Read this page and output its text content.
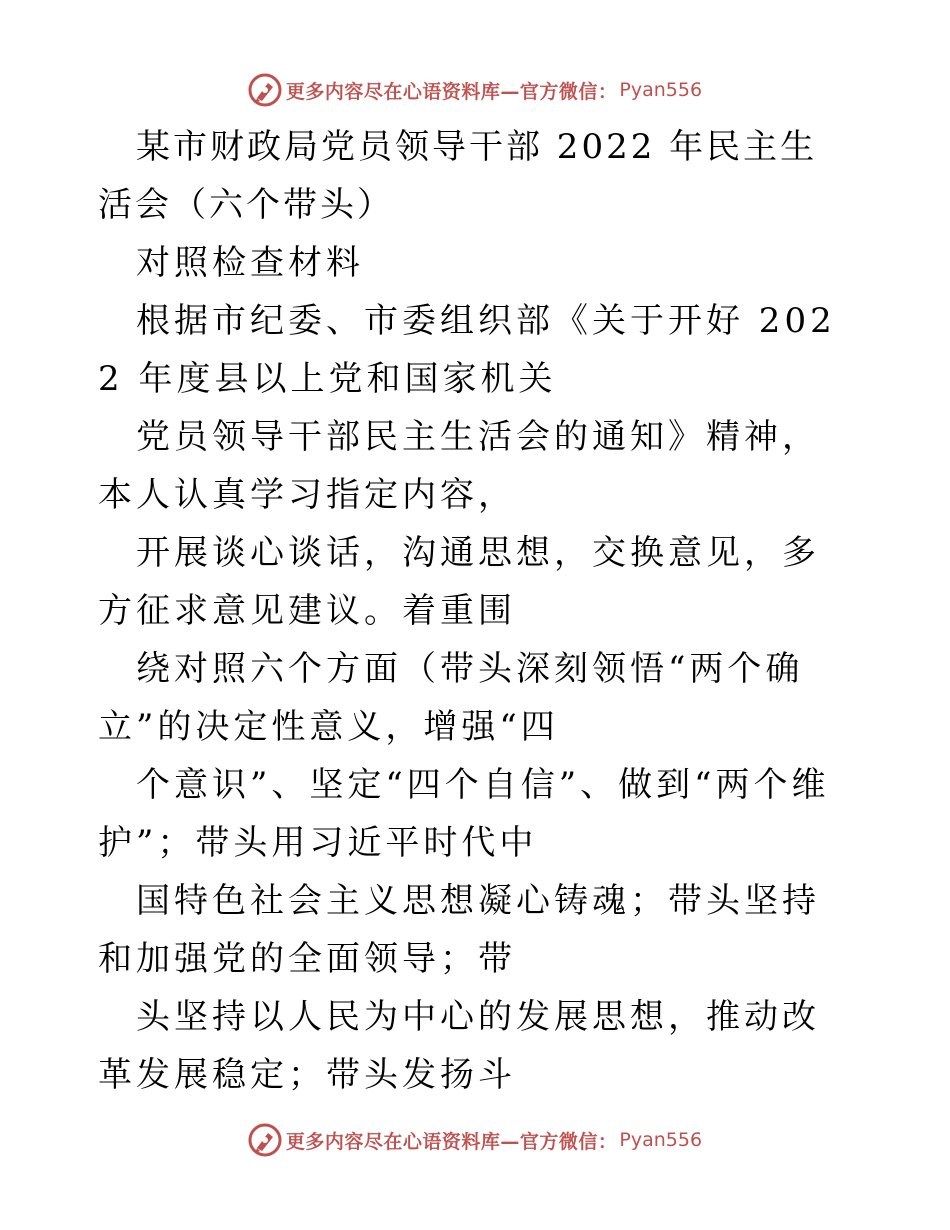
更多内容尽在心语资料库—官方微信： Pyan556

某市财政局党员领导干部 2022 年民主生活会（六个带头）

对照检查材料

根据市纪委、市委组织部《关于开好 2022 年度县以上党和国家机关

党员领导干部民主生活会的通知》精神，本人认真学习指定内容，

开展谈心谈话，沟通思想，交换意见，多方征求意见建议。着重围

绕对照六个方面（带头深刻领悟“两个确立”的决定性意义，增强“四

个意识”、坚定“四个自信”、做到“两个维护”；带头用习近平时代中

国特色社会主义思想凝心铸魂；带头坚持和加强党的全面领导；带

头坚持以人民为中心的发展思想，推动改革发展稳定；带头发扬斗

更多内容尽在心语资料库—官方微信： Pyan556
